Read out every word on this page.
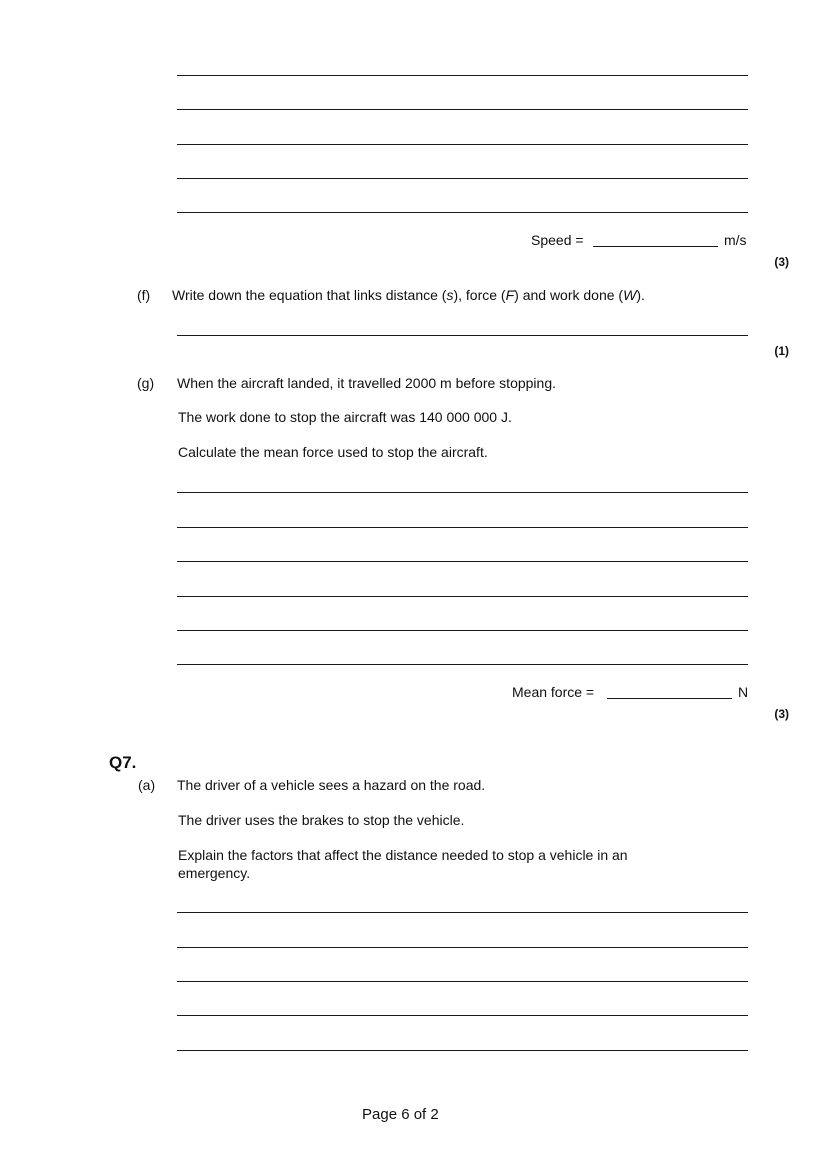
Speed =	m/s
(3)
(f) Write down the equation that links distance (s), force (F) and work done (W).
(1)
(g) When the aircraft landed, it travelled 2000 m before stopping.
The work done to stop the aircraft was 140 000 000 J.
Calculate the mean force used to stop the aircraft.
Mean force =	N
(3)
Q7.
(a) The driver of a vehicle sees a hazard on the road.
The driver uses the brakes to stop the vehicle.
Explain the factors that affect the distance needed to stop a vehicle in an emergency.
Page 6 of 2
